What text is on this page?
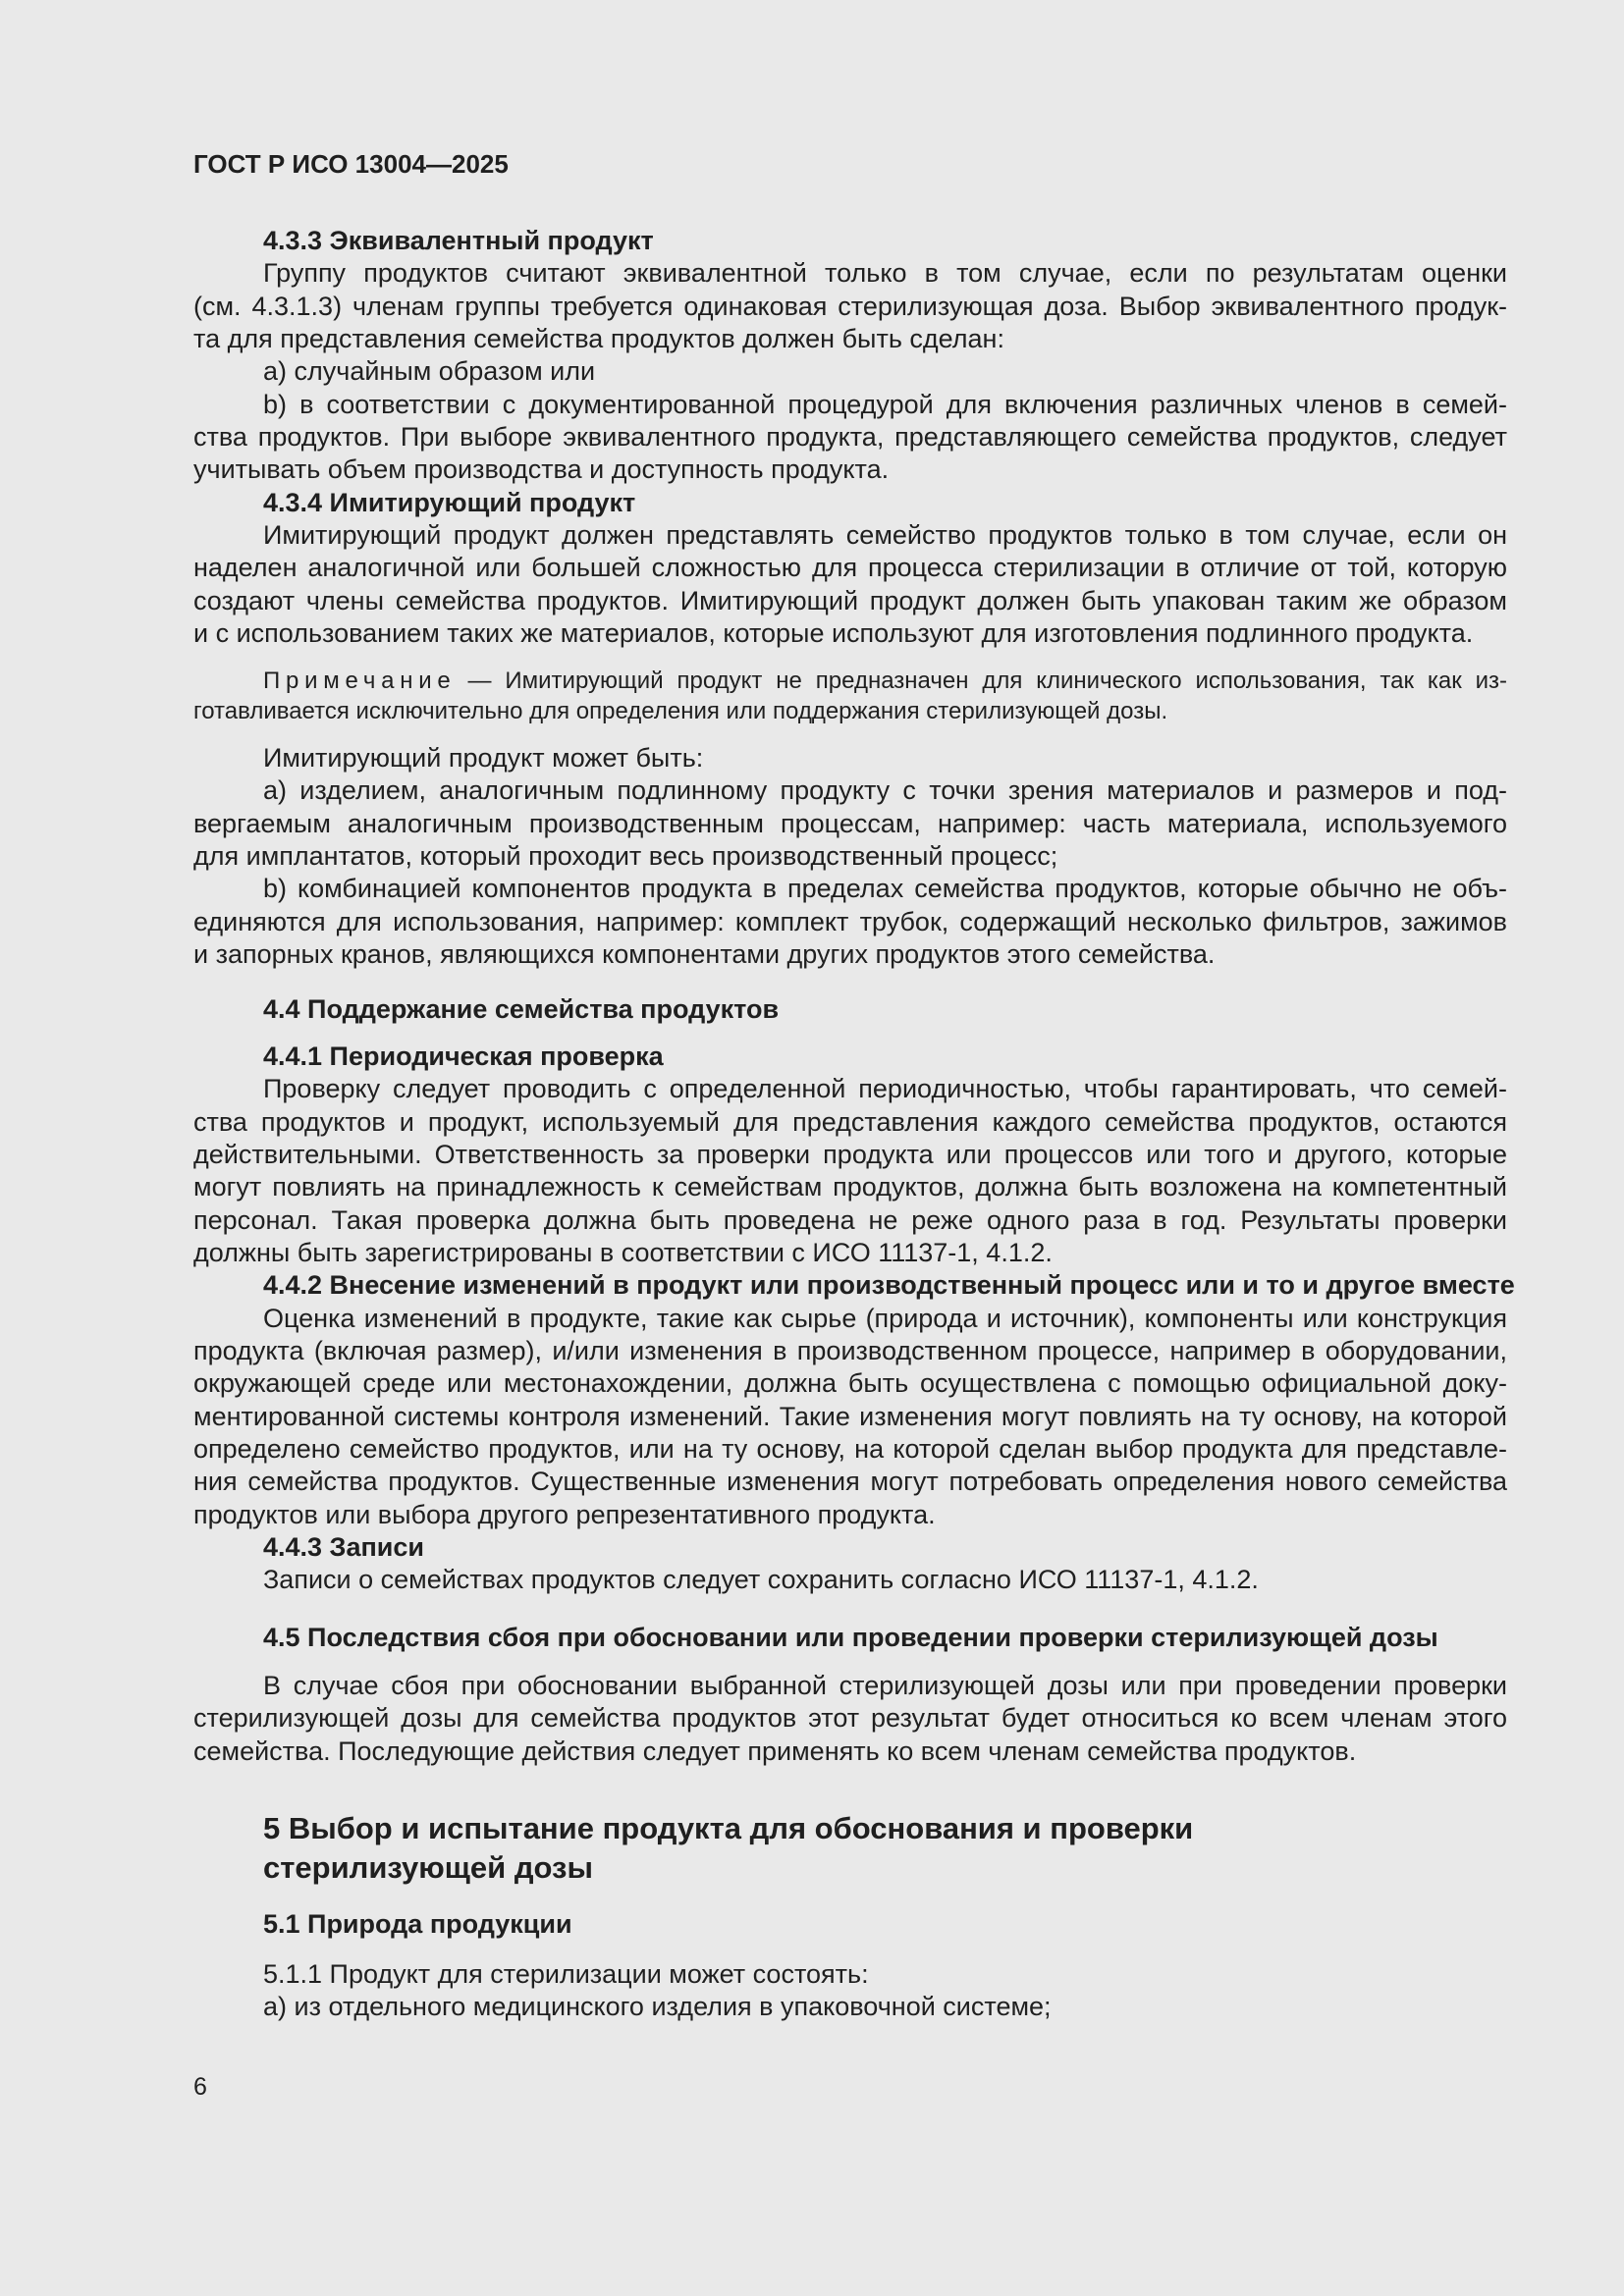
ГОСТ Р ИСО 13004—2025
4.3.3 Эквивалентный продукт
Группу продуктов считают эквивалентной только в том случае, если по результатам оценки
(см. 4.3.1.3) членам группы требуется одинаковая стерилизующая доза. Выбор эквивалентного продук-
та для представления семейства продуктов должен быть сделан:
a) случайным образом или
b) в соответствии с документированной процедурой для включения различных членов в семей-
ства продуктов. При выборе эквивалентного продукта, представляющего семейства продуктов, следует
учитывать объем производства и доступность продукта.
4.3.4 Имитирующий продукт
Имитирующий продукт должен представлять семейство продуктов только в том случае, если он
наделен аналогичной или большей сложностью для процесса стерилизации в отличие от той, которую
создают члены семейства продуктов. Имитирующий продукт должен быть упакован таким же образом
и с использованием таких же материалов, которые используют для изготовления подлинного продукта.
Примечание — Имитирующий продукт не предназначен для клинического использования, так как из-
готавливается исключительно для определения или поддержания стерилизующей дозы.
Имитирующий продукт может быть:
a) изделием, аналогичным подлинному продукту с точки зрения материалов и размеров и под-
вергаемым аналогичным производственным процессам, например: часть материала, используемого
для имплантатов, который проходит весь производственный процесс;
b) комбинацией компонентов продукта в пределах семейства продуктов, которые обычно не объ-
единяются для использования, например: комплект трубок, содержащий несколько фильтров, зажимов
и запорных кранов, являющихся компонентами других продуктов этого семейства.
4.4 Поддержание семейства продуктов
4.4.1 Периодическая проверка
Проверку следует проводить с определенной периодичностью, чтобы гарантировать, что семей-
ства продуктов и продукт, используемый для представления каждого семейства продуктов, остаются
действительными. Ответственность за проверки продукта или процессов или того и другого, которые
могут повлиять на принадлежность к семействам продуктов, должна быть возложена на компетентный
персонал. Такая проверка должна быть проведена не реже одного раза в год. Результаты проверки
должны быть зарегистрированы в соответствии с ИСО 11137-1, 4.1.2.
4.4.2 Внесение изменений в продукт или производственный процесс или и то и другое вместе
Оценка изменений в продукте, такие как сырье (природа и источник), компоненты или конструкция
продукта (включая размер), и/или изменения в производственном процессе, например в оборудовании,
окружающей среде или местонахождении, должна быть осуществлена с помощью официальной доку-
ментированной системы контроля изменений. Такие изменения могут повлиять на ту основу, на которой
определено семейство продуктов, или на ту основу, на которой сделан выбор продукта для представле-
ния семейства продуктов. Существенные изменения могут потребовать определения нового семейства
продуктов или выбора другого репрезентативного продукта.
4.4.3 Записи
Записи о семействах продуктов следует сохранить согласно ИСО 11137-1, 4.1.2.
4.5 Последствия сбоя при обосновании или проведении проверки стерилизующей дозы
В случае сбоя при обосновании выбранной стерилизующей дозы или при проведении проверки
стерилизующей дозы для семейства продуктов этот результат будет относиться ко всем членам этого
семейства. Последующие действия следует применять ко всем членам семейства продуктов.
5 Выбор и испытание продукта для обоснования и проверки
стерилизующей дозы
5.1 Природа продукции
5.1.1 Продукт для стерилизации может состоять:
a) из отдельного медицинского изделия в упаковочной системе;
6
